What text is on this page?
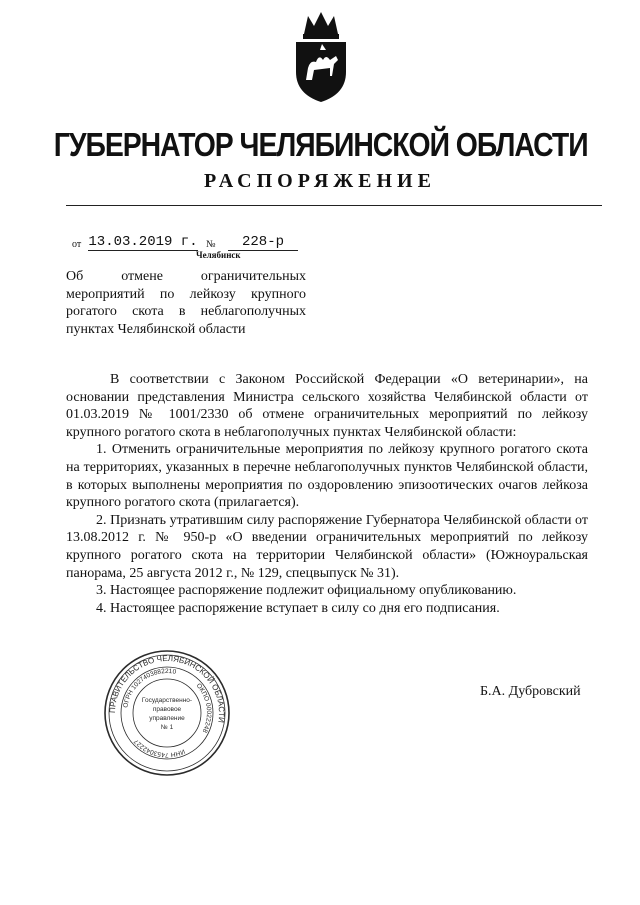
ГУБЕРНАТОР ЧЕЛЯБИНСКОЙ ОБЛАСТИ
РАСПОРЯЖЕНИЕ
от 13.03.2019 г. №	228-р
Челябинск
Об отмене ограничительных мероприятий по лейкозу крупного рогатого скота в неблагополучных пунктах Челябинской области

В соответствии с Законом Российской Федерации «О ветеринарии», на основании представления Министра сельского хозяйства Челябинской области от 01.03.2019 № 1001/2330 об отмене ограничительных мероприятий по лейкозу крупного рогатого скота в неблагополучных пунктах Челябинской области:

1. Отменить ограничительные мероприятия по лейкозу крупного рогатого скота на территориях, указанных в перечне неблагополучных пунктов Челябинской области, в которых выполнены мероприятия по оздоровлению эпизоотических очагов лейкоза крупного рогатого скота (прилагается).

2. Признать утратившим силу распоряжение Губернатора Челябинской области от 13.08.2012 г. № 950-р «О введении ограничительных мероприятий по лейкозу крупного рогатого скота на территории Челябинской области» (Южноуральская панорама, 25 августа 2012 г., № 129, спецвыпуск № 31).

3. Настоящее распоряжение подлежит официальному опубликованию.

4. Настоящее распоряжение вступает в силу со дня его подписания.

ПРАВИТЕЛЬСТВО ЧЕЛЯБИНСКОЙ ОБЛАСТИ
ОГРН 1027403882210
ОКПО 00022248
ИНН 7453042227
Государственно-
правовое
управление
№ 1
Б.А. Дубровский
